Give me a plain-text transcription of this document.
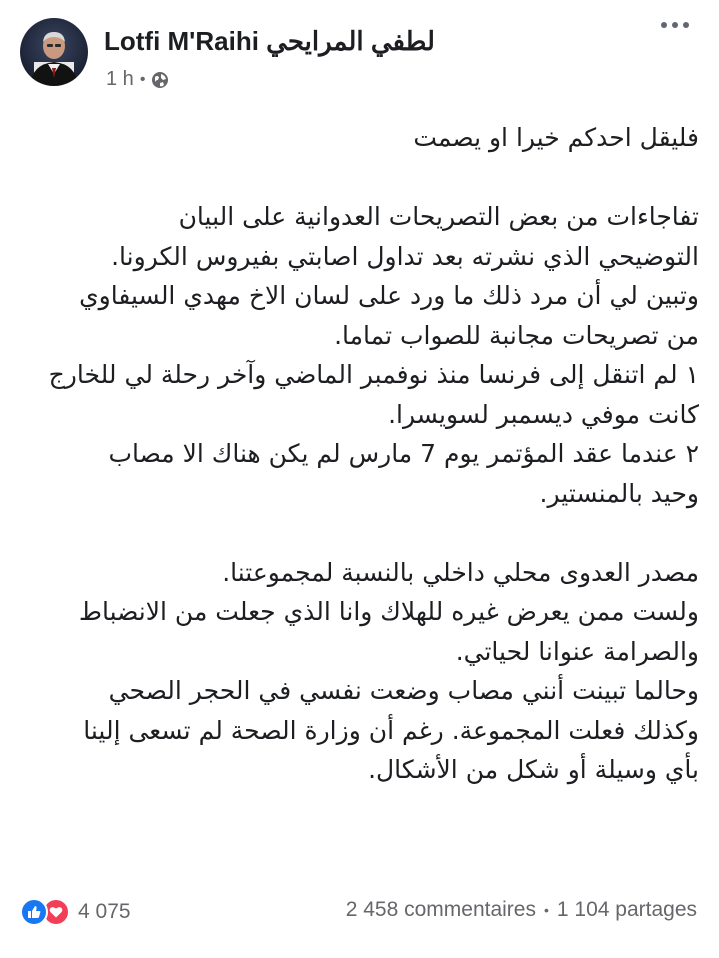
Lotfi M'Raihi لطفي المرايحي
1 h •

فليقل احدكم خيرا او يصمت

تفاجاءات من بعض التصريحات العدوانية على البيان

التوضيحي الذي نشرته بعد تداول اصابتي بفيروس الكرونا.

وتبين لي أن مرد ذلك ما ورد على لسان الاخ مهدي السيفاوي

من تصريحات مجانبة للصواب تماما.

١ لم اتنقل إلى فرنسا منذ نوفمبر الماضي وآخر رحلة لي للخارج

كانت موفي ديسمبر لسويسرا.

٢ عندما عقد المؤتمر يوم 7 مارس لم يكن هناك الا مصاب

وحيد بالمنستير.

مصدر العدوى محلي داخلي بالنسبة لمجموعتنا.

ولست ممن يعرض غيره للهلاك وانا الذي جعلت من الانضباط

والصرامة عنوانا لحياتي.

وحالما تبينت أنني مصاب وضعت نفسي في الحجر الصحي

وكذلك فعلت المجموعة. رغم أن وزارة الصحة لم تسعى إلينا

بأي وسيلة أو شكل من الأشكال.

4 075	2 458 commentaires • 1 104 partages
